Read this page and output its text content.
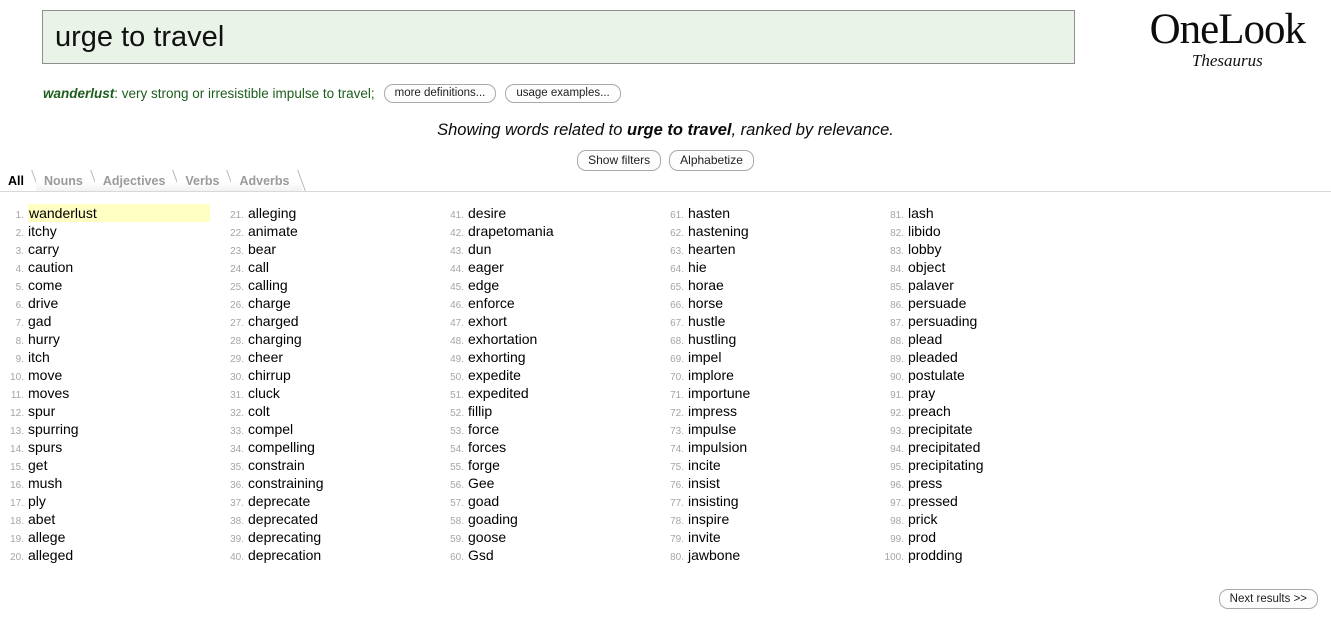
urge to travel
OneLook
Thesaurus
wanderlust : very strong or irresistible impulse to travel;	more definitions...	usage examples...
Showing words related to urge to travel, ranked by relevance.
Show filters	Alphabetize
All	Nouns	Adjectives	Verbs	Adverbs
1. wanderlust
2. itchy
3. carry
4. caution
5. come
6. drive
7. gad
8. hurry
9. itch
10. move
11. moves
12. spur
13. spurring
14. spurs
15. get
16. mush
17. ply
18. abet
19. allege
20. alleged
21. alleging
22. animate
23. bear
24. call
25. calling
26. charge
27. charged
28. charging
29. cheer
30. chirrup
31. cluck
32. colt
33. compel
34. compelling
35. constrain
36. constraining
37. deprecate
38. deprecated
39. deprecating
40. deprecation
41. desire
42. drapetomania
43. dun
44. eager
45. edge
46. enforce
47. exhort
48. exhortation
49. exhorting
50. expedite
51. expedited
52. fillip
53. force
54. forces
55. forge
56. Gee
57. goad
58. goading
59. goose
60. Gsd
61. hasten
62. hastening
63. hearten
64. hie
65. horae
66. horse
67. hustle
68. hustling
69. impel
70. implore
71. importune
72. impress
73. impulse
74. impulsion
75. incite
76. insist
77. insisting
78. inspire
79. invite
80. jawbone
81. lash
82. libido
83. lobby
84. object
85. palaver
86. persuade
87. persuading
88. plead
89. pleaded
90. postulate
91. pray
92. preach
93. precipitate
94. precipitated
95. precipitating
96. press
97. pressed
98. prick
99. prod
100. prodding
Next results >>
